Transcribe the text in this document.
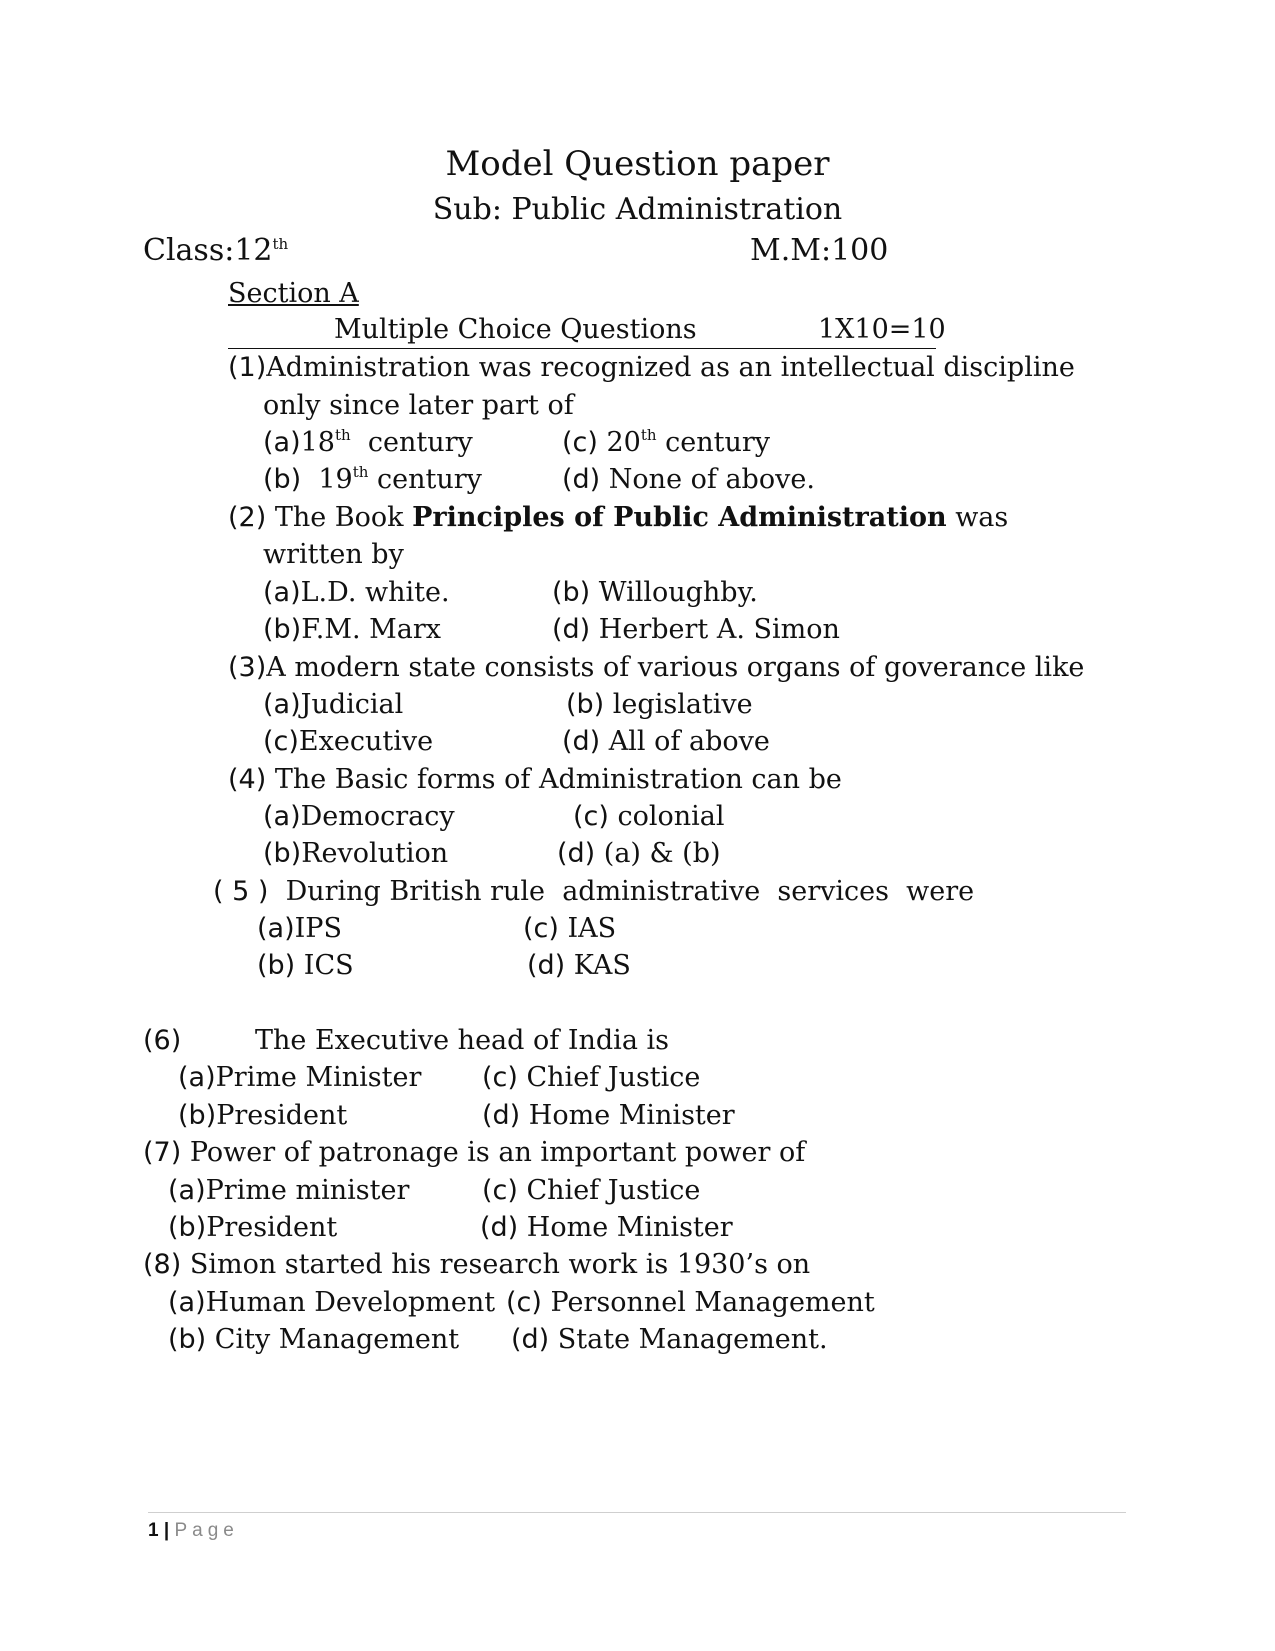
Model Question paper
Sub: Public Administration
Class:12th	M.M:100
Section A
Multiple Choice Questions	1X10=10
(1)Administration was recognized as an intellectual discipline
only since later part of
(a)18th  century	(c) 20th century
(b)  19th century	(d) None of above.
(2) The Book Principles of Public Administration was
written by
(a)L.D. white.	(b) Willoughby.
(b)F.M. Marx	(d) Herbert A. Simon
(3)A modern state consists of various organs of goverance like
(a)Judicial	(b) legislative
(c)Executive	(d) All of above
(4) The Basic forms of Administration can be
(a)Democracy	(c) colonial
(b)Revolution	(d) (a) & (b)
( 5 )  During British rule  administrative  services  were
(a)IPS	(c) IAS
(b) ICS	(d) KAS
(6)	The Executive head of India is
(a)Prime Minister (c) Chief Justice
(b)President	(d) Home Minister
(7) Power of patronage is an important power of
(a)Prime minister	(c) Chief Justice
(b)President	(d) Home Minister
(8) Simon started his research work is 1930’s on
(a)Human Development (c) Personnel Management
(b) City Management (d) State Management.
1 | Page
